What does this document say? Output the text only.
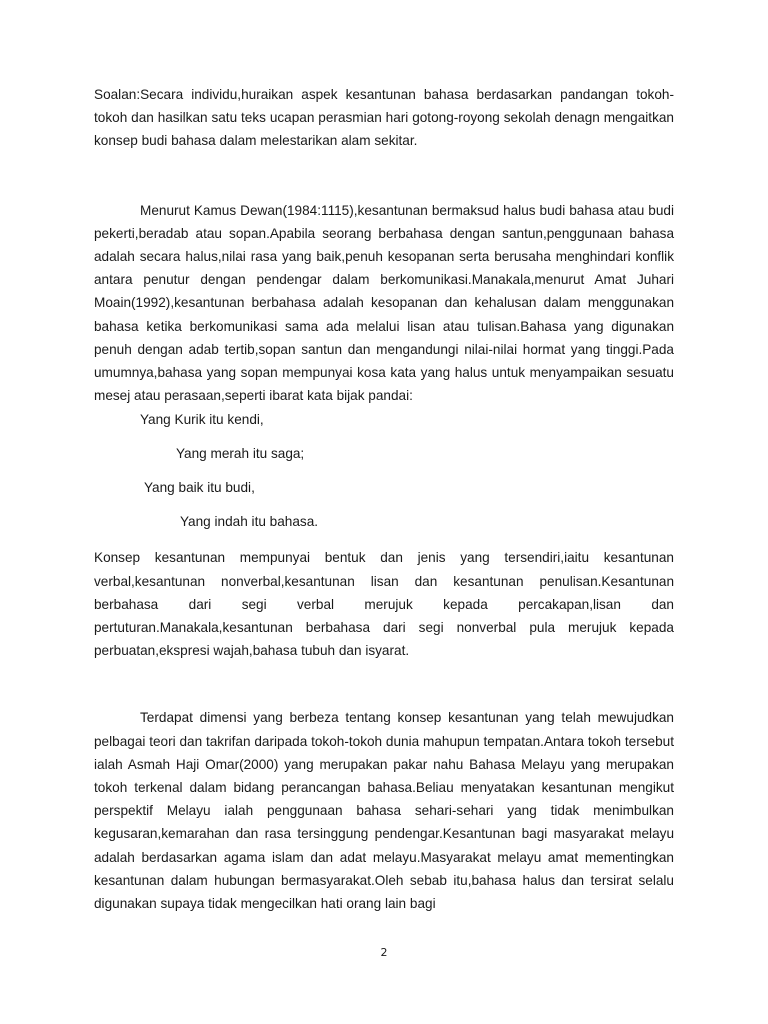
Soalan:Secara individu,huraikan aspek kesantunan bahasa berdasarkan pandangan tokoh-tokoh dan hasilkan satu teks ucapan perasmian hari gotong-royong sekolah denagn mengaitkan konsep budi bahasa dalam melestarikan alam sekitar.

Menurut Kamus Dewan(1984:1115),kesantunan bermaksud halus budi bahasa atau budi pekerti,beradab atau sopan.Apabila seorang berbahasa dengan santun,penggunaan bahasa adalah secara halus,nilai rasa yang baik,penuh kesopanan serta berusaha menghindari konflik antara penutur dengan pendengar dalam berkomunikasi.Manakala,menurut Amat Juhari Moain(1992),kesantunan berbahasa adalah kesopanan dan kehalusan dalam menggunakan bahasa ketika berkomunikasi sama ada melalui lisan atau tulisan.Bahasa yang digunakan penuh dengan adab tertib,sopan santun dan mengandungi nilai-nilai hormat yang tinggi.Pada umumnya,bahasa yang sopan mempunyai kosa kata yang halus untuk menyampaikan sesuatu mesej atau perasaan,seperti ibarat kata bijak pandai:

Yang Kurik itu kendi,

Yang merah itu saga;

Yang baik itu budi,

Yang indah itu bahasa.

Konsep kesantunan mempunyai bentuk dan jenis yang tersendiri,iaitu kesantunan verbal,kesantunan nonverbal,kesantunan lisan dan kesantunan penulisan.Kesantunan berbahasa dari segi verbal merujuk kepada percakapan,lisan dan pertuturan.Manakala,kesantunan berbahasa dari segi nonverbal pula merujuk kepada perbuatan,ekspresi wajah,bahasa tubuh dan isyarat.

Terdapat dimensi yang berbeza tentang konsep kesantunan yang telah mewujudkan pelbagai teori dan takrifan daripada tokoh-tokoh dunia mahupun tempatan.Antara tokoh tersebut ialah Asmah Haji Omar(2000) yang merupakan pakar nahu Bahasa Melayu yang merupakan tokoh terkenal dalam bidang perancangan bahasa.Beliau menyatakan kesantunan mengikut perspektif Melayu ialah penggunaan bahasa sehari-sehari yang tidak menimbulkan kegusaran,kemarahan dan rasa tersinggung pendengar.Kesantunan bagi masyarakat melayu adalah berdasarkan agama islam dan adat melayu.Masyarakat melayu amat mementingkan kesantunan dalam hubungan bermasyarakat.Oleh sebab itu,bahasa halus dan tersirat selalu digunakan supaya tidak mengecilkan hati orang lain bagi

2
